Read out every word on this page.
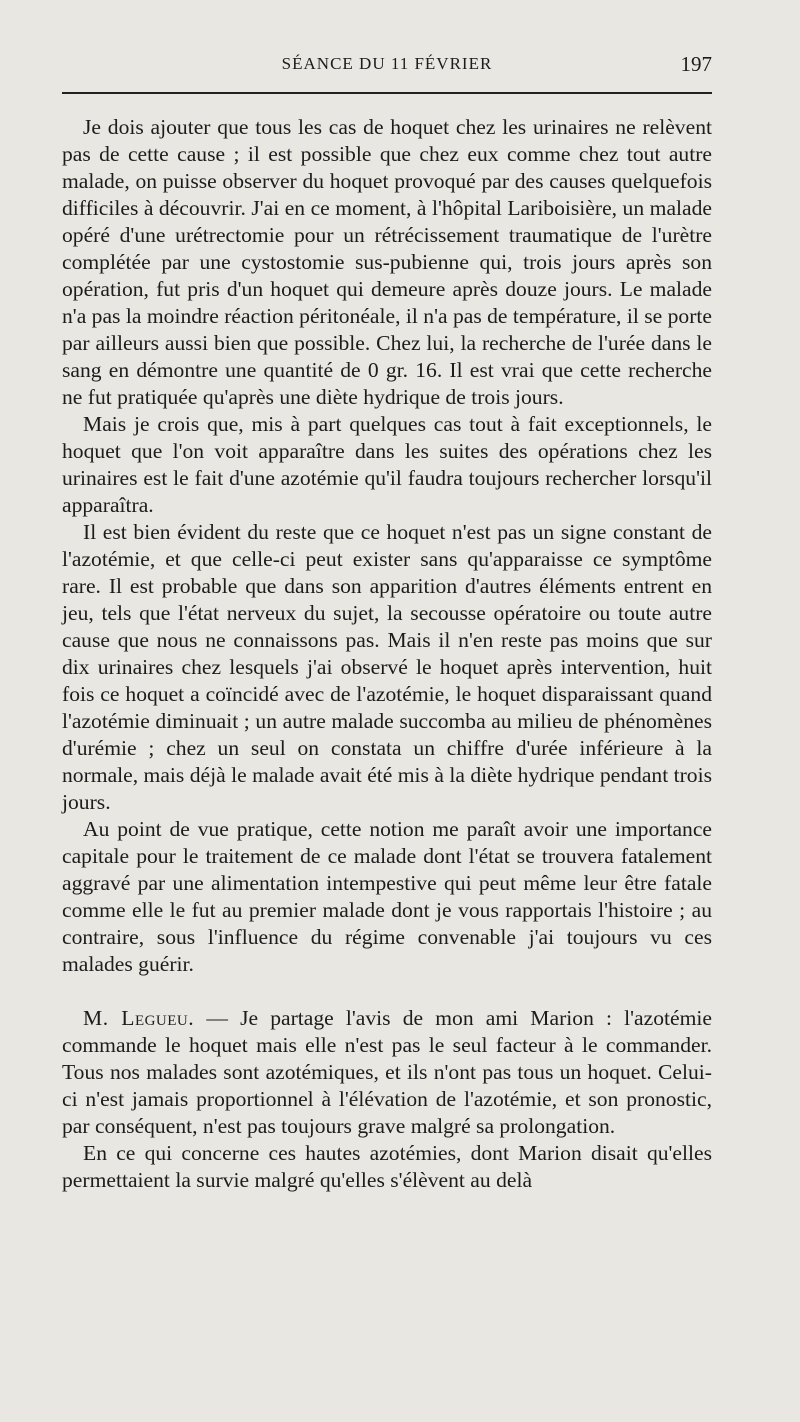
SÉANCE DU 11 FÉVRIER	197

Je dois ajouter que tous les cas de hoquet chez les urinaires ne relèvent pas de cette cause ; il est possible que chez eux comme chez tout autre malade, on puisse observer du hoquet provoqué par des causes quelquefois difficiles à découvrir. J'ai en ce moment, à l'hôpital Lariboisière, un malade opéré d'une urétrectomie pour un rétrécissement traumatique de l'urètre complétée par une cystostomie sus-pubienne qui, trois jours après son opération, fut pris d'un hoquet qui demeure après douze jours. Le malade n'a pas la moindre réaction péritonéale, il n'a pas de température, il se porte par ailleurs aussi bien que possible. Chez lui, la recherche de l'urée dans le sang en démontre une quantité de 0 gr. 16. Il est vrai que cette recherche ne fut pratiquée qu'après une diète hydrique de trois jours.

Mais je crois que, mis à part quelques cas tout à fait exceptionnels, le hoquet que l'on voit apparaître dans les suites des opérations chez les urinaires est le fait d'une azotémie qu'il faudra toujours rechercher lorsqu'il apparaîtra.

Il est bien évident du reste que ce hoquet n'est pas un signe constant de l'azotémie, et que celle-ci peut exister sans qu'apparaisse ce symptôme rare. Il est probable que dans son apparition d'autres éléments entrent en jeu, tels que l'état nerveux du sujet, la secousse opératoire ou toute autre cause que nous ne connaissons pas. Mais il n'en reste pas moins que sur dix urinaires chez lesquels j'ai observé le hoquet après intervention, huit fois ce hoquet a coïncidé avec de l'azotémie, le hoquet disparaissant quand l'azotémie diminuait ; un autre malade succomba au milieu de phénomènes d'urémie ; chez un seul on constata un chiffre d'urée inférieure à la normale, mais déjà le malade avait été mis à la diète hydrique pendant trois jours.

Au point de vue pratique, cette notion me paraît avoir une importance capitale pour le traitement de ce malade dont l'état se trouvera fatalement aggravé par une alimentation intempestive qui peut même leur être fatale comme elle le fut au premier malade dont je vous rapportais l'histoire ; au contraire, sous l'influence du régime convenable j'ai toujours vu ces malades guérir.

M. Legueu. — Je partage l'avis de mon ami Marion : l'azotémie commande le hoquet mais elle n'est pas le seul facteur à le commander. Tous nos malades sont azotémiques, et ils n'ont pas tous un hoquet. Celui-ci n'est jamais proportionnel à l'élévation de l'azotémie, et son pronostic, par conséquent, n'est pas toujours grave malgré sa prolongation.

En ce qui concerne ces hautes azotémies, dont Marion disait qu'elles permettaient la survie malgré qu'elles s'élèvent au delà
